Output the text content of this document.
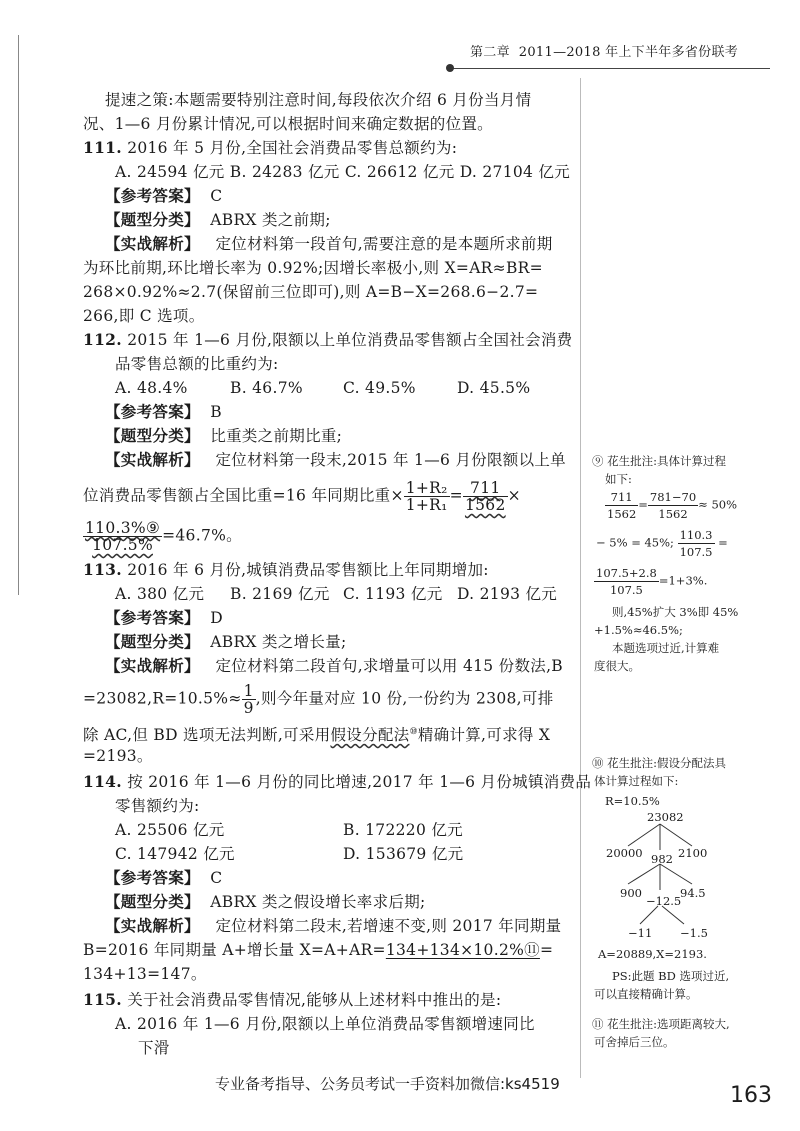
第二章 2011—2018 年上下半年多省份联考
提速之策:本题需要特别注意时间,每段依次介绍 6 月份当月情
况、1—6 月份累计情况,可以根据时间来确定数据的位置。
111. 2016 年 5 月份,全国社会消费品零售总额约为:
A. 24594 亿元 B. 24283 亿元 C. 26612 亿元 D. 27104 亿元
【参考答案】 C
【题型分类】 ABRX 类之前期;
【实战解析】 定位材料第一段首句,需要注意的是本题所求前期
为环比前期,环比增长率为 0.92%;因增长率极小,则 X=AR≈BR=
268×0.92%≈2.7(保留前三位即可),则 A=B−X=268.6−2.7=
266,即 C 选项。
112. 2015 年 1—6 月份,限额以上单位消费品零售额占全国社会消费
品零售总额的比重约为:
A. 48.4%	B. 46.7%	C. 49.5%	D. 45.5%
【参考答案】 B
【题型分类】 比重类之前期比重;
【实战解析】 定位材料第一段末,2015 年 1—6 月份限额以上单
位消费品零售额占全国比重=16 年同期比重× $\frac{\text{1+R₂}}{\text{1+R₁}} = \frac{711}{1562}$ ×
$\frac{\text{110.3\%⑨}}{107.5\%} =46.7\%$。
113. 2016 年 6 月份,城镇消费品零售额比上年同期增加:
A. 380 亿元 B. 2169 亿元 C. 1193 亿元 D. 2193 亿元
【参考答案】 D
【题型分类】 ABRX 类之增长量;
【实战解析】 定位材料第二段首句,求增量可以用 415 份数法,B
$=23082,R=10.5\%\approx \frac{1}{9}$ ,则今年量对应 10 份,一份约为 2308,可排
除 AC,但 BD 选项无法判断,可采用假设分配法⑩精确计算,可求得 X
=2193。
114. 按 2016 年 1—6 月份的同比增速,2017 年 1—6 月份城镇消费品
零售额约为:
A. 25506 亿元	B. 172220 亿元
C. 147942 亿元	D. 153679 亿元
【参考答案】 C
【题型分类】 ABRX 类之假设增长率求后期;
【实战解析】 定位材料第二段末,若增速不变,则 2017 年同期量
B=2016 年同期量 A+增长量 X=A+AR=134+134×10.2%⑪=
134+13=147。
115. 关于社会消费品零售情况,能够从上述材料中推出的是:
A. 2016 年 1—6 月份,限额以上单位消费品零售额增速同比
下滑
⑨ 花生批注:具体计算过程
如下:
$\frac{711}{1562} = \frac{781-70}{1562} \approx 50\%$
− 5% = 45%; $\frac{110.3}{107.5}$ =
$\frac{107.5+2.8}{107.5} =1+3\%$.
则,45%扩大 3%即 45%
+1.5%≈46.5%;
本题选项过近,计算难
度很大。
⑩ 花生批注:假设分配法具
体计算过程如下:
R=10.5%
23082
20000 982 2100
900
−12.5
94.5
−11 −1.5
A=20889,X=2193.
PS:此题 BD 选项过近,
可以直接精确计算。
⑪ 花生批注:选项距离较大,
可舍掉后三位。
专业备考指导、公务员考试一手资料加微信:ks4519	163
